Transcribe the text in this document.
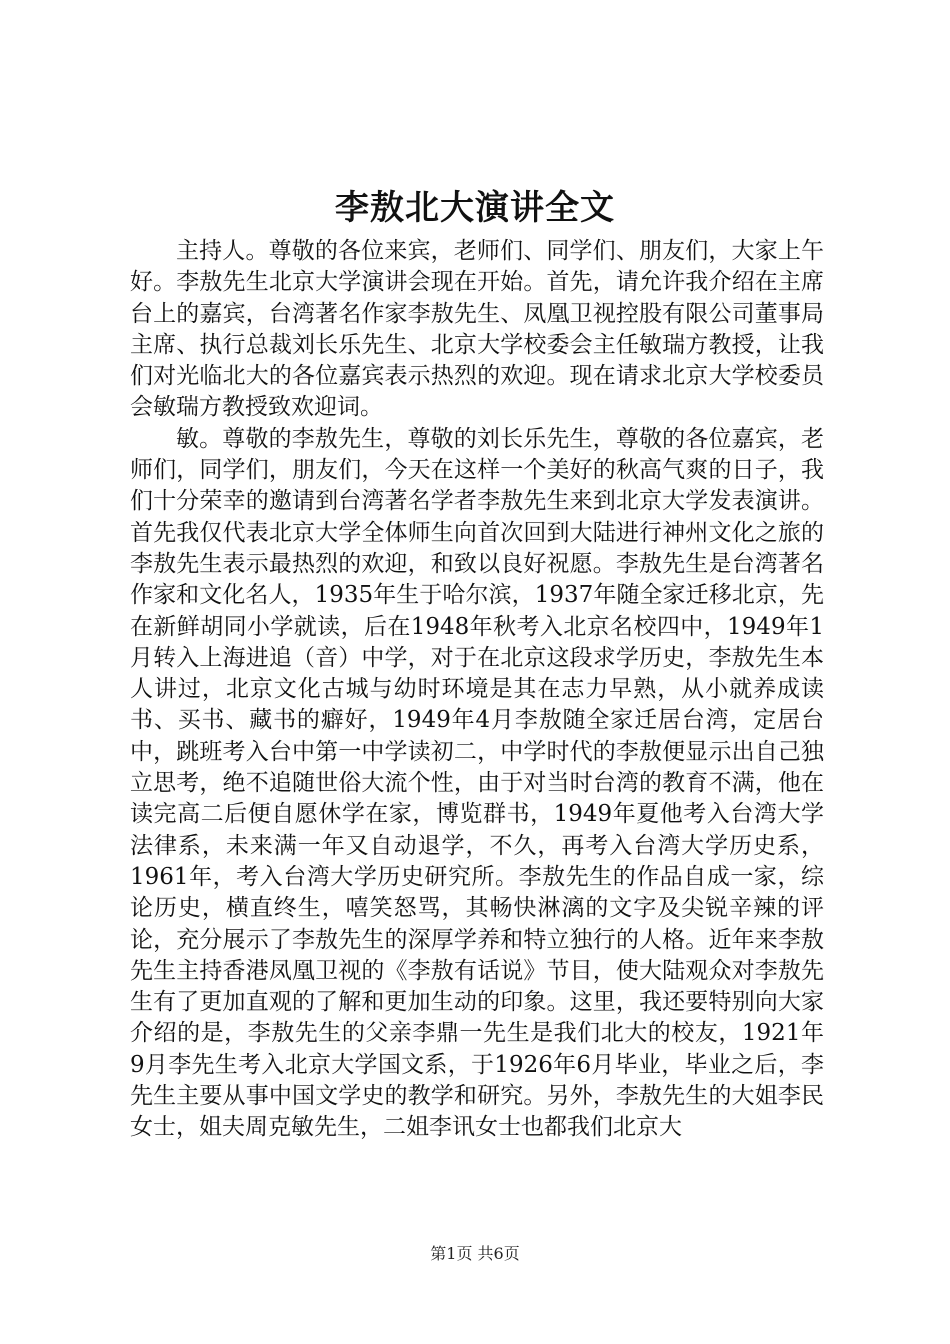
李敖北大演讲全文

主持人。尊敬的各位来宾，老师们、同学们、朋友们，大家上午好。李敖先生北京大学演讲会现在开始。首先，请允许我介绍在主席台上的嘉宾，台湾著名作家李敖先生、凤凰卫视控股有限公司董事局主席、执行总裁刘长乐先生、北京大学校委会主任敏瑞方教授，让我们对光临北大的各位嘉宾表示热烈的欢迎。现在请求北京大学校委员会敏瑞方教授致欢迎词。

敏。尊敬的李敖先生，尊敬的刘长乐先生，尊敬的各位嘉宾，老师们，同学们，朋友们，今天在这样一个美好的秋高气爽的日子，我们十分荣幸的邀请到台湾著名学者李敖先生来到北京大学发表演讲。首先我仅代表北京大学全体师生向首次回到大陆进行神州文化之旅的李敖先生表示最热烈的欢迎，和致以良好祝愿。李敖先生是台湾著名作家和文化名人，1935年生于哈尔滨，1937年随全家迁移北京，先在新鲜胡同小学就读，后在1948年秋考入北京名校四中，1949年1月转入上海进追（音）中学，对于在北京这段求学历史，李敖先生本人讲过，北京文化古城与幼时环境是其在志力早熟，从小就养成读书、买书、藏书的癖好，1949年4月李敖随全家迁居台湾，定居台中，跳班考入台中第一中学读初二，中学时代的李敖便显示出自己独立思考，绝不追随世俗大流个性，由于对当时台湾的教育不满，他在读完高二后便自愿休学在家，博览群书，1949年夏他考入台湾大学法律系，未来满一年又自动退学，不久，再考入台湾大学历史系，1961年，考入台湾大学历史研究所。李敖先生的作品自成一家，综论历史，横直终生，嘻笑怒骂，其畅快淋漓的文字及尖锐辛辣的评论，充分展示了李敖先生的深厚学养和特立独行的人格。近年来李敖先生主持香港凤凰卫视的《李敖有话说》节目，使大陆观众对李敖先生有了更加直观的了解和更加生动的印象。这里，我还要特别向大家介绍的是，李敖先生的父亲李鼎一先生是我们北大的校友，1921年9月李先生考入北京大学国文系，于1926年6月毕业，毕业之后，李先生主要从事中国文学史的教学和研究。另外，李敖先生的大姐李民女士，姐夫周克敏先生，二姐李讯女士也都我们北京大

第1页 共6页
